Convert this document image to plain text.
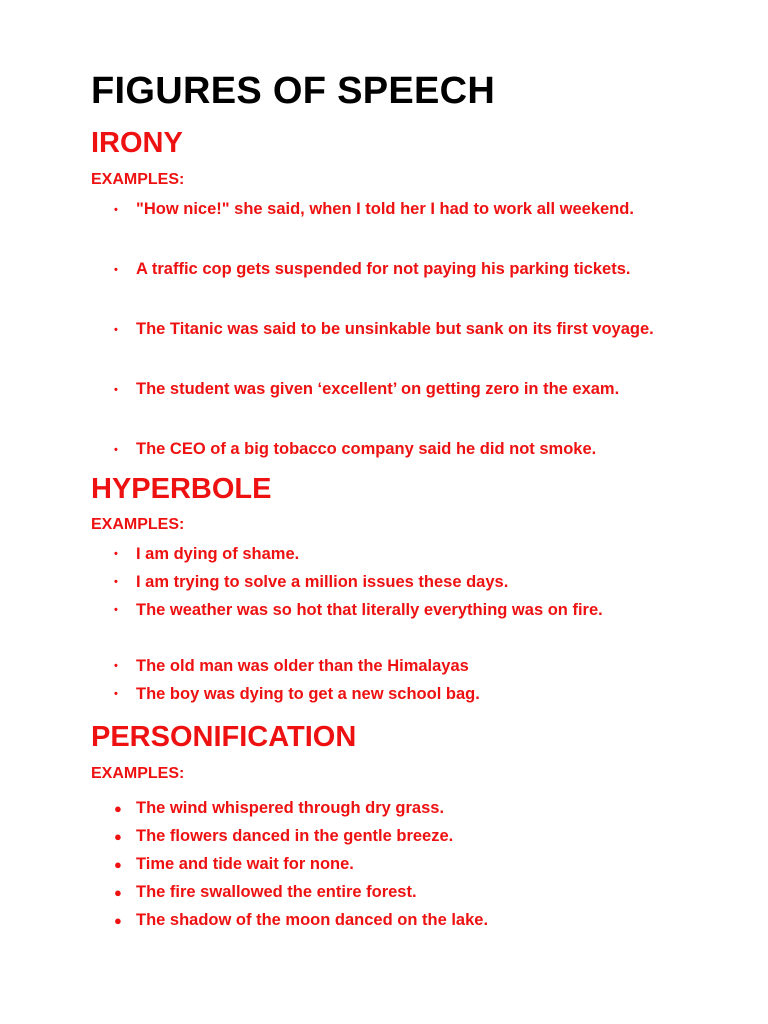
FIGURES OF SPEECH
IRONY

EXAMPLES:

• "How nice!" she said, when I told her I had to work all weekend.

• A traffic cop gets suspended for not paying his parking tickets.

• The Titanic was said to be unsinkable but sank on its first voyage.

• The student was given ‘excellent’ on getting zero in the exam.

• The CEO of a big tobacco company said he did not smoke.

HYPERBOLE

EXAMPLES:

• I am dying of shame.

• I am trying to solve a million issues these days.

• The weather was so hot that literally everything was on fire.

• The old man was older than the Himalayas

• The boy was dying to get a new school bag.

PERSONIFICATION

EXAMPLES:

● The wind whispered through dry grass.

● The flowers danced in the gentle breeze.

● Time and tide wait for none.

● The fire swallowed the entire forest.

● The shadow of the moon danced on the lake.
